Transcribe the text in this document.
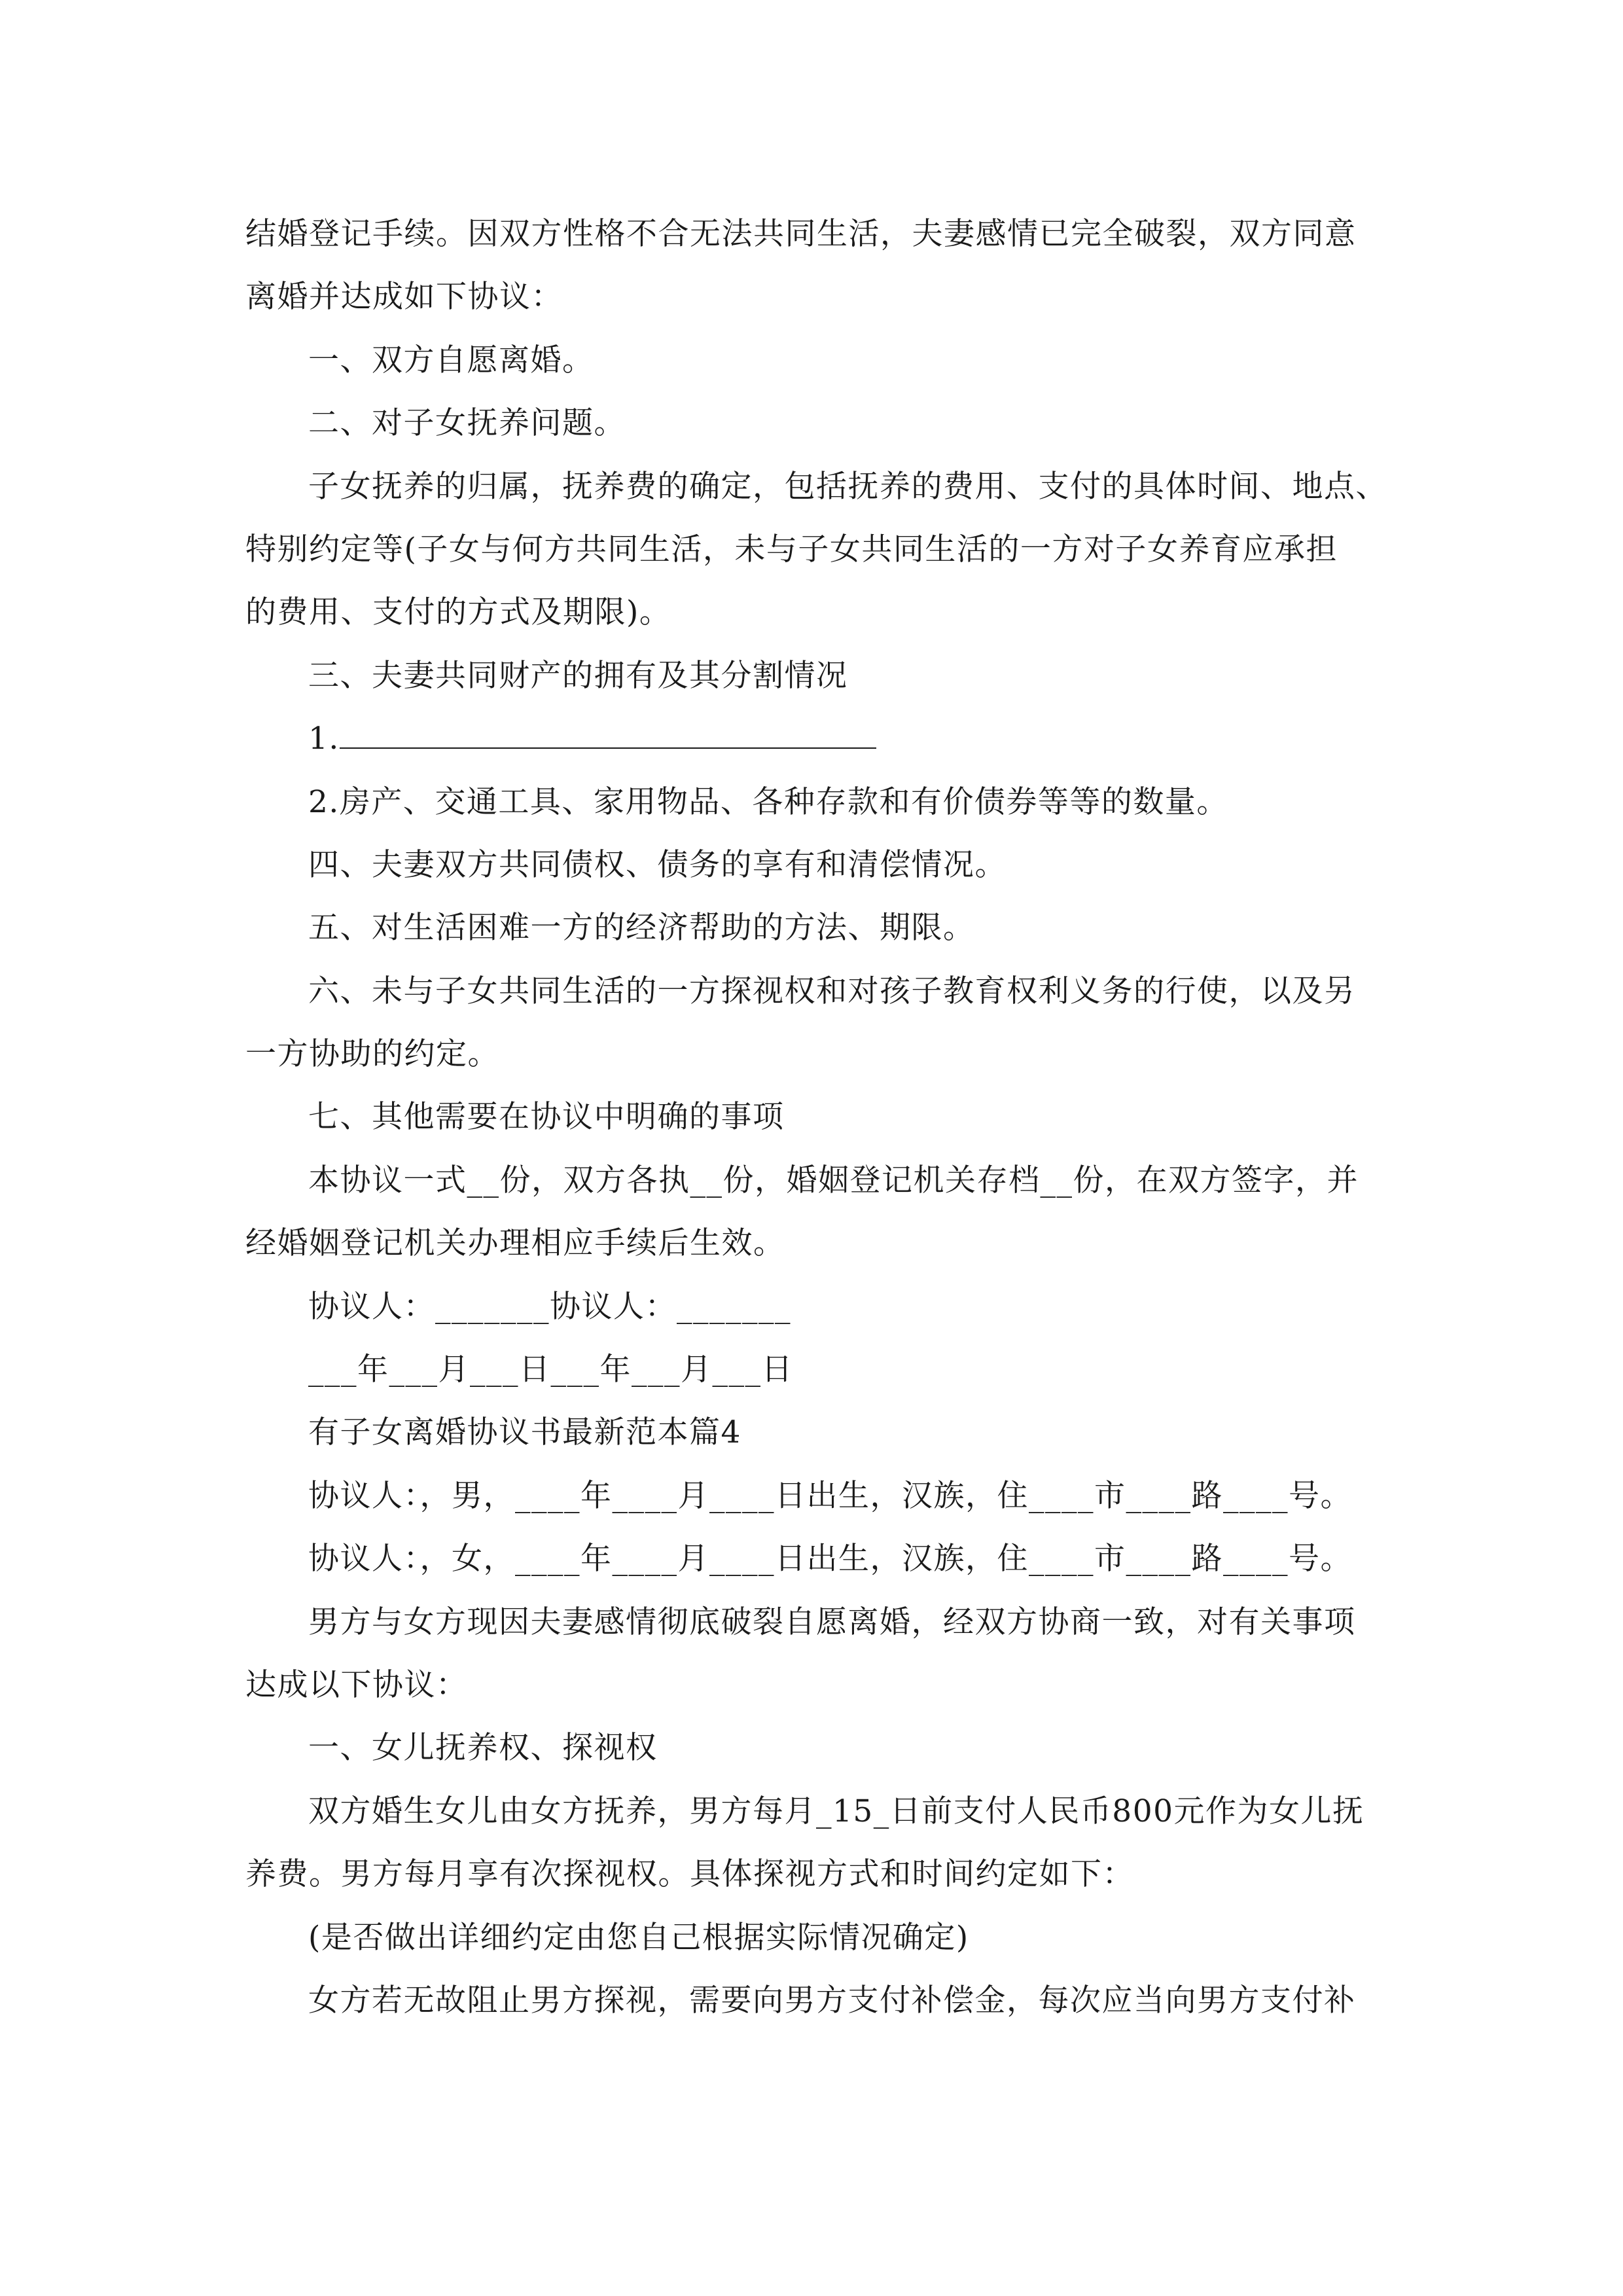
结婚登记手续。因双方性格不合无法共同生活，夫妻感情已完全破裂，双方同意
离婚并达成如下协议：
一、双方自愿离婚。
二、对子女抚养问题。
子女抚养的归属，抚养费的确定，包括抚养的费用、支付的具体时间、地点、
特别约定等(子女与何方共同生活，未与子女共同生活的一方对子女养育应承担
的费用、支付的方式及期限)。
三、夫妻共同财产的拥有及其分割情况
1.
2.房产、交通工具、家用物品、各种存款和有价债券等等的数量。
四、夫妻双方共同债权、债务的享有和清偿情况。
五、对生活困难一方的经济帮助的方法、期限。
六、未与子女共同生活的一方探视权和对孩子教育权利义务的行使，以及另
一方协助的约定。
七、其他需要在协议中明确的事项
本协议一式__份，双方各执__份，婚姻登记机关存档__份，在双方签字，并
经婚姻登记机关办理相应手续后生效。
协议人：_______协议人：_______
___年___月___日___年___月___日
有子女离婚协议书最新范本篇4
协议人：，男，____年____月____日出生，汉族，住____市____路____号。
协议人：，女，____年____月____日出生，汉族，住____市____路____号。
男方与女方现因夫妻感情彻底破裂自愿离婚，经双方协商一致，对有关事项
达成以下协议：
一、女儿抚养权、探视权
双方婚生女儿由女方抚养，男方每月_15_日前支付人民币800元作为女儿抚
养费。男方每月享有次探视权。具体探视方式和时间约定如下：
(是否做出详细约定由您自己根据实际情况确定)
女方若无故阻止男方探视，需要向男方支付补偿金，每次应当向男方支付补
